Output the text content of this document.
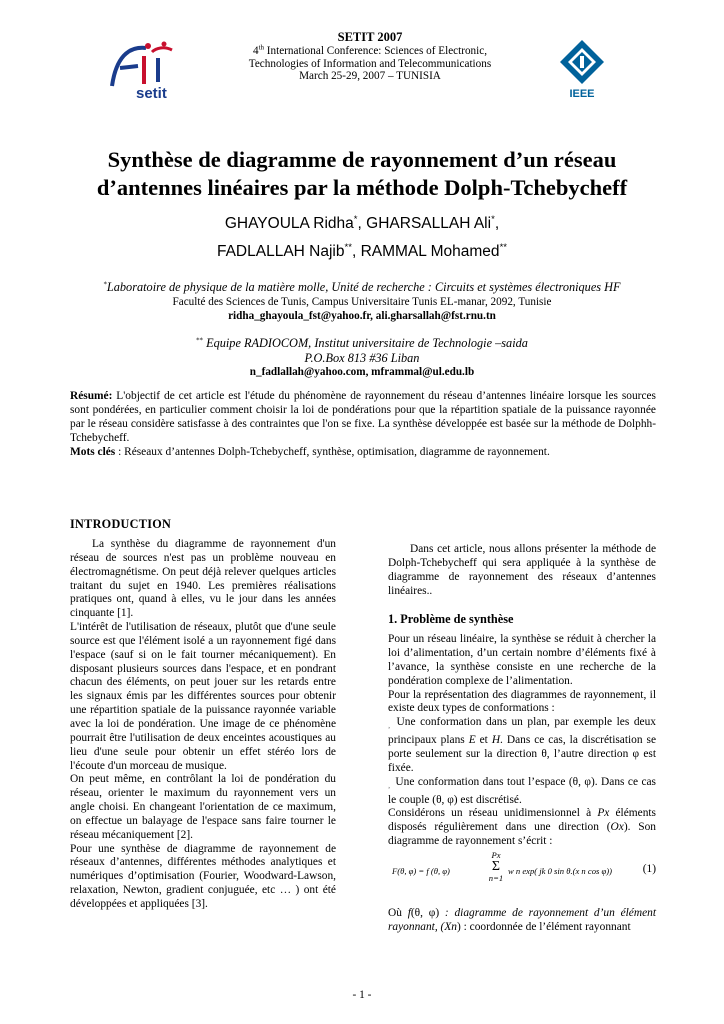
setit
SETIT 2007
4th International Conference: Sciences of Electronic,
Technologies of Information and Telecommunications
March 25-29, 2007 – TUNISIA
IEEE
Synthèse de diagramme de rayonnement d’un réseau
d’antennes linéaires par la méthode Dolph-Tchebycheff
GHAYOULA Ridha*, GHARSALLAH Ali*,
FADLALLAH Najib**, RAMMAL Mohamed**
*Laboratoire de physique de la matière molle, Unité de recherche : Circuits et systèmes électroniques HF
Faculté des Sciences de Tunis, Campus Universitaire Tunis EL-manar, 2092, Tunisie
ridha_ghayoula_fst@yahoo.fr, ali.gharsallah@fst.rnu.tn
** Equipe RADIOCOM, Institut universitaire de Technologie –saida
P.O.Box 813 #36 Liban
n_fadlallah@yahoo.com, mframmal@ul.edu.lb
Résumé: L'objectif de cet article est l'étude du phénomène de rayonnement du réseau d’antennes linéaire lorsque les sources sont pondérées, en particulier comment choisir la loi de pondérations pour que la répartition spatiale de la puissance rayonnée par le réseau considère satisfasse à des contraintes que l'on se fixe. La synthèse développée est basée sur la méthode de Dolphh-Tchebycheff.
Mots clés : Réseaux d’antennes Dolph-Tchebycheff, synthèse, optimisation, diagramme de rayonnement.
INTRODUCTION

La synthèse du diagramme de rayonnement d'un réseau de sources n'est pas un problème nouveau en électromagnétisme. On peut déjà relever quelques articles traitant du sujet en 1940. Les premières réalisations pratiques ont, quand à elles, vu le jour dans les années cinquante [1].

L'intérêt de l'utilisation de réseaux, plutôt que d'une seule source est que l'élément isolé a un rayonnement figé dans l'espace (sauf si on le fait tourner mécaniquement). En disposant plusieurs sources dans l'espace, et en pondrant chacun des éléments, on peut jouer sur les retards entre les signaux émis par les différentes sources pour obtenir une répartition spatiale de la puissance rayonnée variable avec la loi de pondération. Une image de ce phénomène pourrait être l'utilisation de deux enceintes acoustiques au lieu d'une seule pour obtenir un effet stéréo lors de l'écoute d'un morceau de musique.

On peut même, en contrôlant la loi de pondération du réseau, orienter le maximum du rayonnement vers un angle choisi. En changeant l'orientation de ce maximum, on effectue un balayage de l'espace sans faire tourner le réseau mécaniquement [2].

Pour une synthèse de diagramme de rayonnement de réseaux d’antennes, différentes méthodes analytiques et numériques d’optimisation (Fourier, Woodward-Lawson, relaxation, Newton, gradient conjuguée, etc … ) ont été développées et appliquées [3].

Dans cet article, nous allons présenter la méthode de Dolph-Tchebycheff qui sera appliquée à la synthèse de diagramme de rayonnement des réseaux d’antennes linéaires..

1. Problème de synthèse

Pour un réseau linéaire, la synthèse se réduit à chercher la loi d’alimentation, d’un certain nombre d’éléments fixé à l’avance, la synthèse consiste en une recherche de la pondération complexe de l’alimentation.

Pour la représentation des diagrammes de rayonnement, il existe deux types de conformations :

¸ Une conformation dans un plan, par exemple les deux principaux plans E et H. Dans ce cas, la discrétisation se porte seulement sur la direction θ, l’autre direction φ est fixée.

¸ Une conformation dans tout l’espace (θ, φ). Dans ce cas le couple (θ, φ) est discrétisé.

Considérons un réseau unidimensionnel à Px éléments disposés régulièrement dans une direction (Ox). Son diagramme de rayonnement s’écrit :

F(θ, φ) = f (θ, φ)
Px
Σ
n=1
w n exp( jk 0 sin θ.(x n cos φ))	(1)

Où f(θ, φ) : diagramme de rayonnement d’un élément rayonnant, (Xn) : coordonnée de l’élément rayonnant

- 1 -
